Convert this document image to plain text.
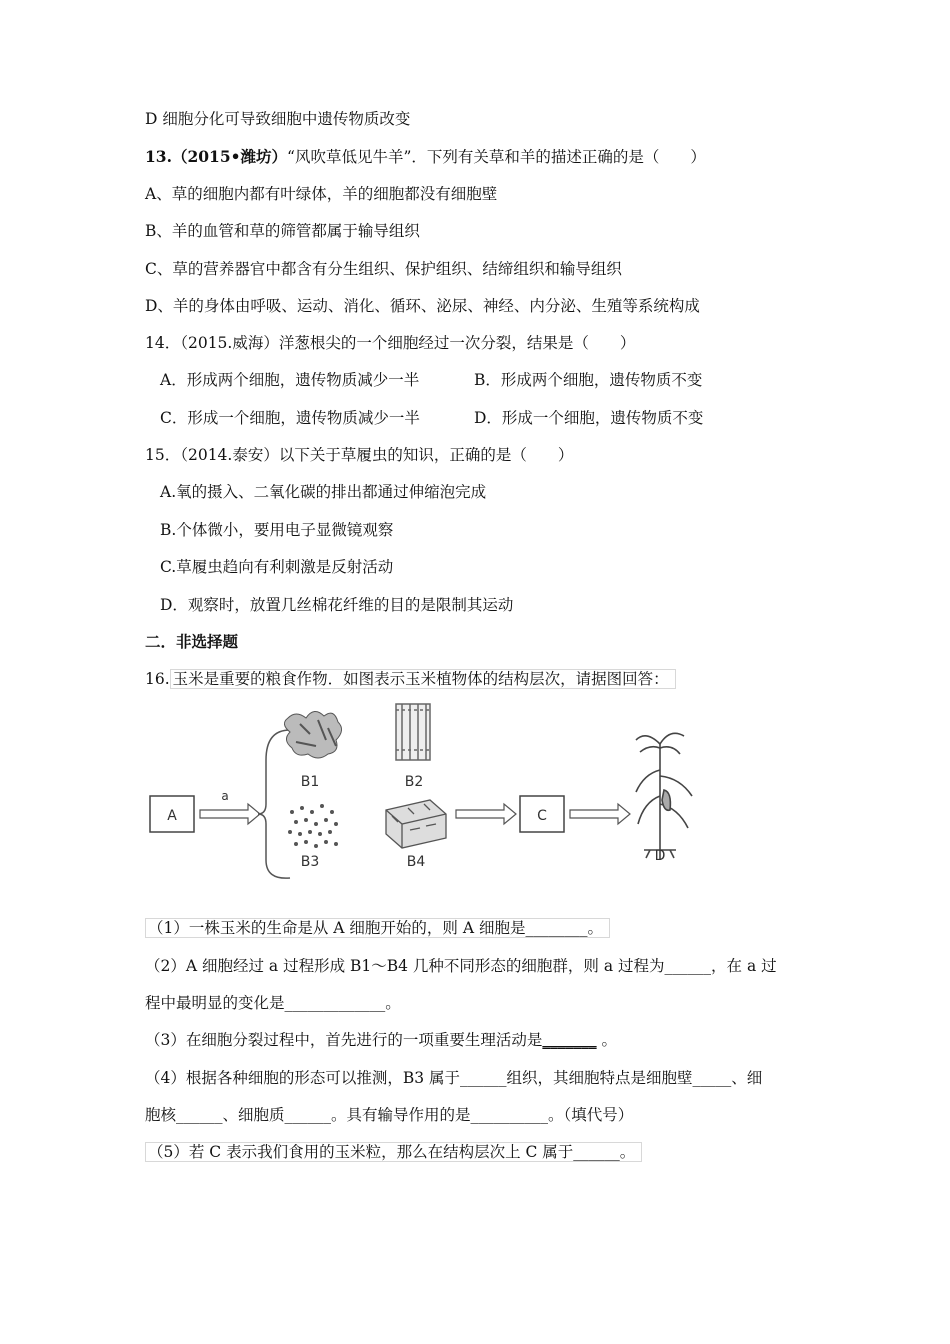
D 细胞分化可导致细胞中遗传物质改变
13.（2015•潍坊）“风吹草低见牛羊”．下列有关草和羊的描述正确的是（　　）
A、草的细胞内都有叶绿体，羊的细胞都没有细胞壁
B、羊的血管和草的筛管都属于输导组织
C、草的营养器官中都含有分生组织、保护组织、结缔组织和输导组织
D、羊的身体由呼吸、运动、消化、循环、泌尿、神经、内分泌、生殖等系统构成
14．（2015.威海）洋葱根尖的一个细胞经过一次分裂，结果是（　　）
A．形成两个细胞，遗传物质减少一半	B．形成两个细胞，遗传物质不变
C．形成一个细胞，遗传物质减少一半	D．形成一个细胞，遗传物质不变
15．（2014.泰安）以下关于草履虫的知识，正确的是（　　）
A.氧的摄入、二氧化碳的排出都通过伸缩泡完成
B.个体微小，要用电子显微镜观察
C.草履虫趋向有利刺激是反射活动
D．观察时，放置几丝棉花纤维的目的是限制其运动
二．非选择题
16. 玉米是重要的粮食作物．如图表示玉米植物体的结构层次，请据图回答：
A
a
B1	B2
B3	B4
C
D
（1）一株玉米的生命是从 A 细胞开始的，则 A 细胞是________。
（2）A 细胞经过 a 过程形成 B1～B4 几种不同形态的细胞群，则 a 过程为______，在 a 过
程中最明显的变化是_____________。
（3）在细胞分裂过程中，首先进行的一项重要生理活动是_______ 。
（4）根据各种细胞的形态可以推测，B3 属于______组织，其细胞特点是细胞壁_____、细
胞核______、细胞质______。具有输导作用的是__________。（填代号）
（5）若 C 表示我们食用的玉米粒，那么在结构层次上 C 属于______。
